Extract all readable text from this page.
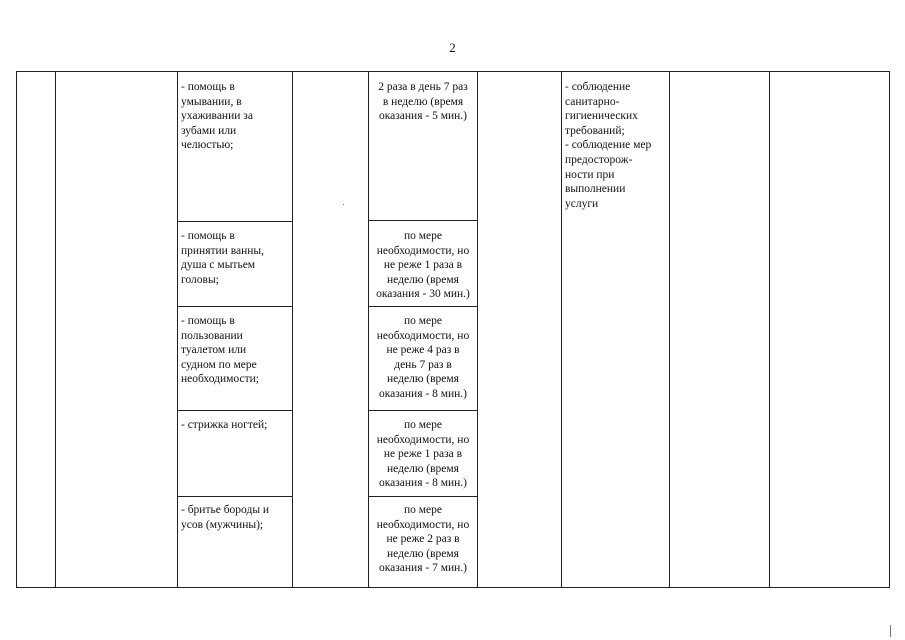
2
- помощь в
умывании, в
ухаживании за
зубами или
челюстью;
- помощь в
принятии ванны,
душа с мытьем
головы;
- помощь в
пользовании
туалетом или
судном по мере
необходимости;
- стрижка ногтей;
- бритье бороды и
усов (мужчины);
2 раза в день 7 раз
в неделю (время
оказания - 5 мин.)
по мере
необходимости, но
не реже 1 раза в
неделю (время
оказания - 30 мин.)
по мере
необходимости, но
не реже 4 раз в
день 7 раз в
неделю (время
оказания - 8 мин.)
по мере
необходимости, но
не реже 1 раза в
неделю (время
оказания - 8 мин.)
по мере
необходимости, но
не реже 2 раз в
неделю (время
оказания - 7 мин.)
- соблюдение
санитарно-
гигиенических
требований;
- соблюдение мер
предосторож-
ности при
выполнении
услуги
